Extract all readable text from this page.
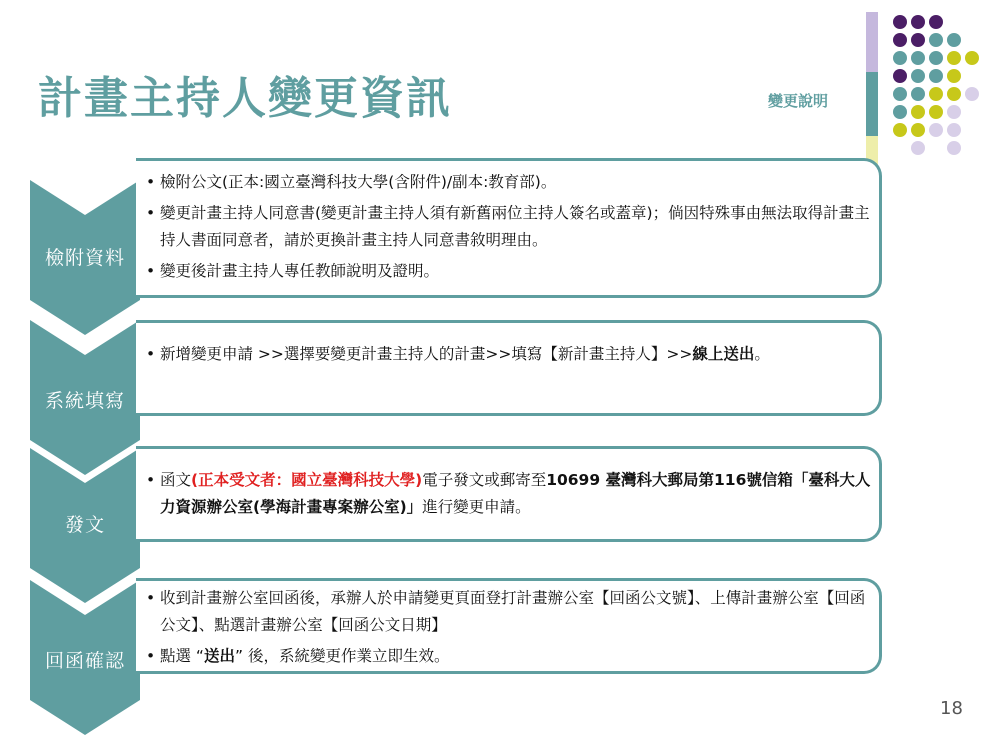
計畫主持人變更資訊	變更說明
檢附資料
系統填寫
發文
回函確認
• 檢附公文(正本:國立臺灣科技大學(含附件)/副本:教育部)。
• 變更計畫主持人同意書(變更計畫主持人須有新舊兩位主持人簽名或蓋章)；倘因特殊事由無法取得計畫主持人書面同意者，請於更換計畫主持人同意書敘明理由。
• 變更後計畫主持人專任教師說明及證明。
• 新增變更申請 >>選擇要變更計畫主持人的計畫>>填寫【新計畫主持人】>>線上送出。
• 函文(正本受文者：國立臺灣科技大學)電子發文或郵寄至10699 臺灣科大郵局第116號信箱「臺科大人力資源辦公室(學海計畫專案辦公室)」進行變更申請。
• 收到計畫辦公室回函後，承辦人於申請變更頁面登打計畫辦公室【回函公文號】、上傳計畫辦公室【回函公文】、點選計畫辦公室【回函公文日期】
• 點選 “送出” 後，系統變更作業立即生效。
18
